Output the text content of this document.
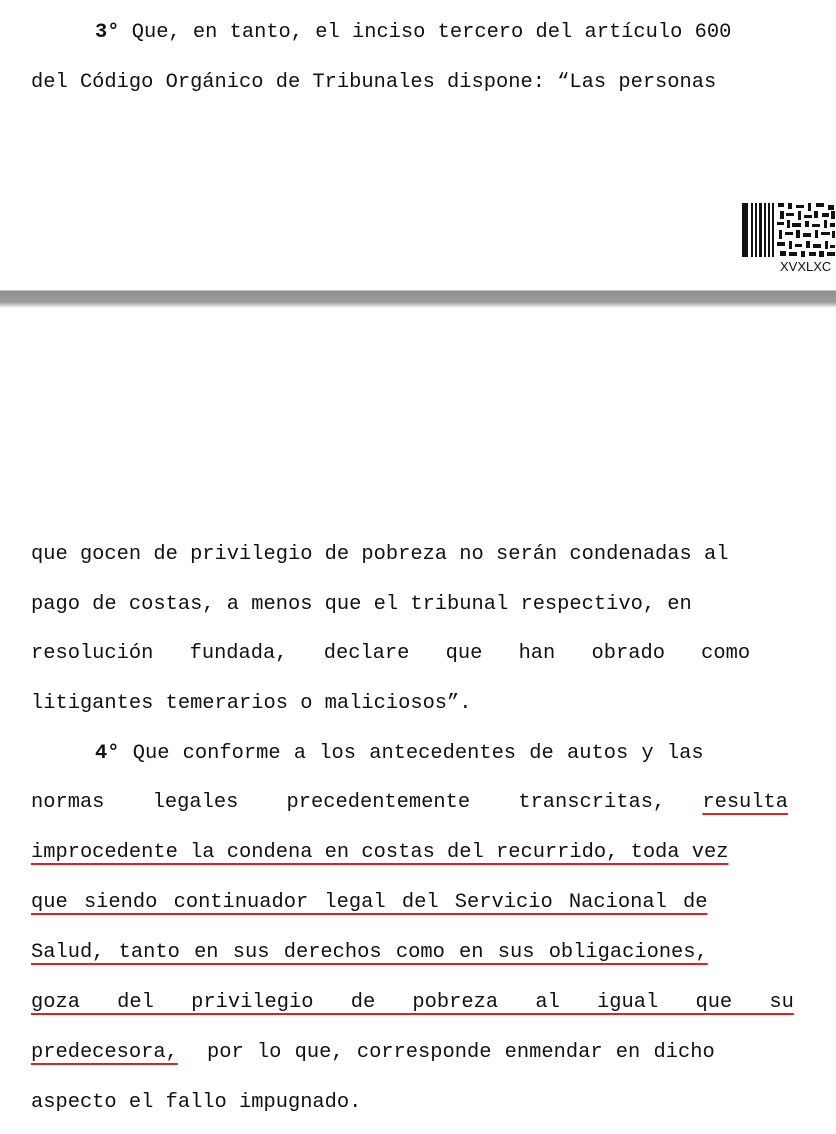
3° Que, en tanto, el inciso tercero del artículo 600
del Código Orgánico de Tribunales dispone: “Las personas
XVXLXC
que gocen de privilegio de pobreza no serán condenadas al
pago de costas, a menos que el tribunal respectivo, en
resolución fundada, declare que han obrado como
litigantes temerarios o maliciosos”.
4° Que conforme a los antecedentes de autos y las
normas legales precedentemente transcritas, resulta
improcedente la condena en costas del recurrido, toda vez
que siendo continuador legal del Servicio Nacional de
Salud, tanto en sus derechos como en sus obligaciones,
goza del privilegio de pobreza al igual que su
predecesora, por lo que, corresponde enmendar en dicho
aspecto el fallo impugnado.
